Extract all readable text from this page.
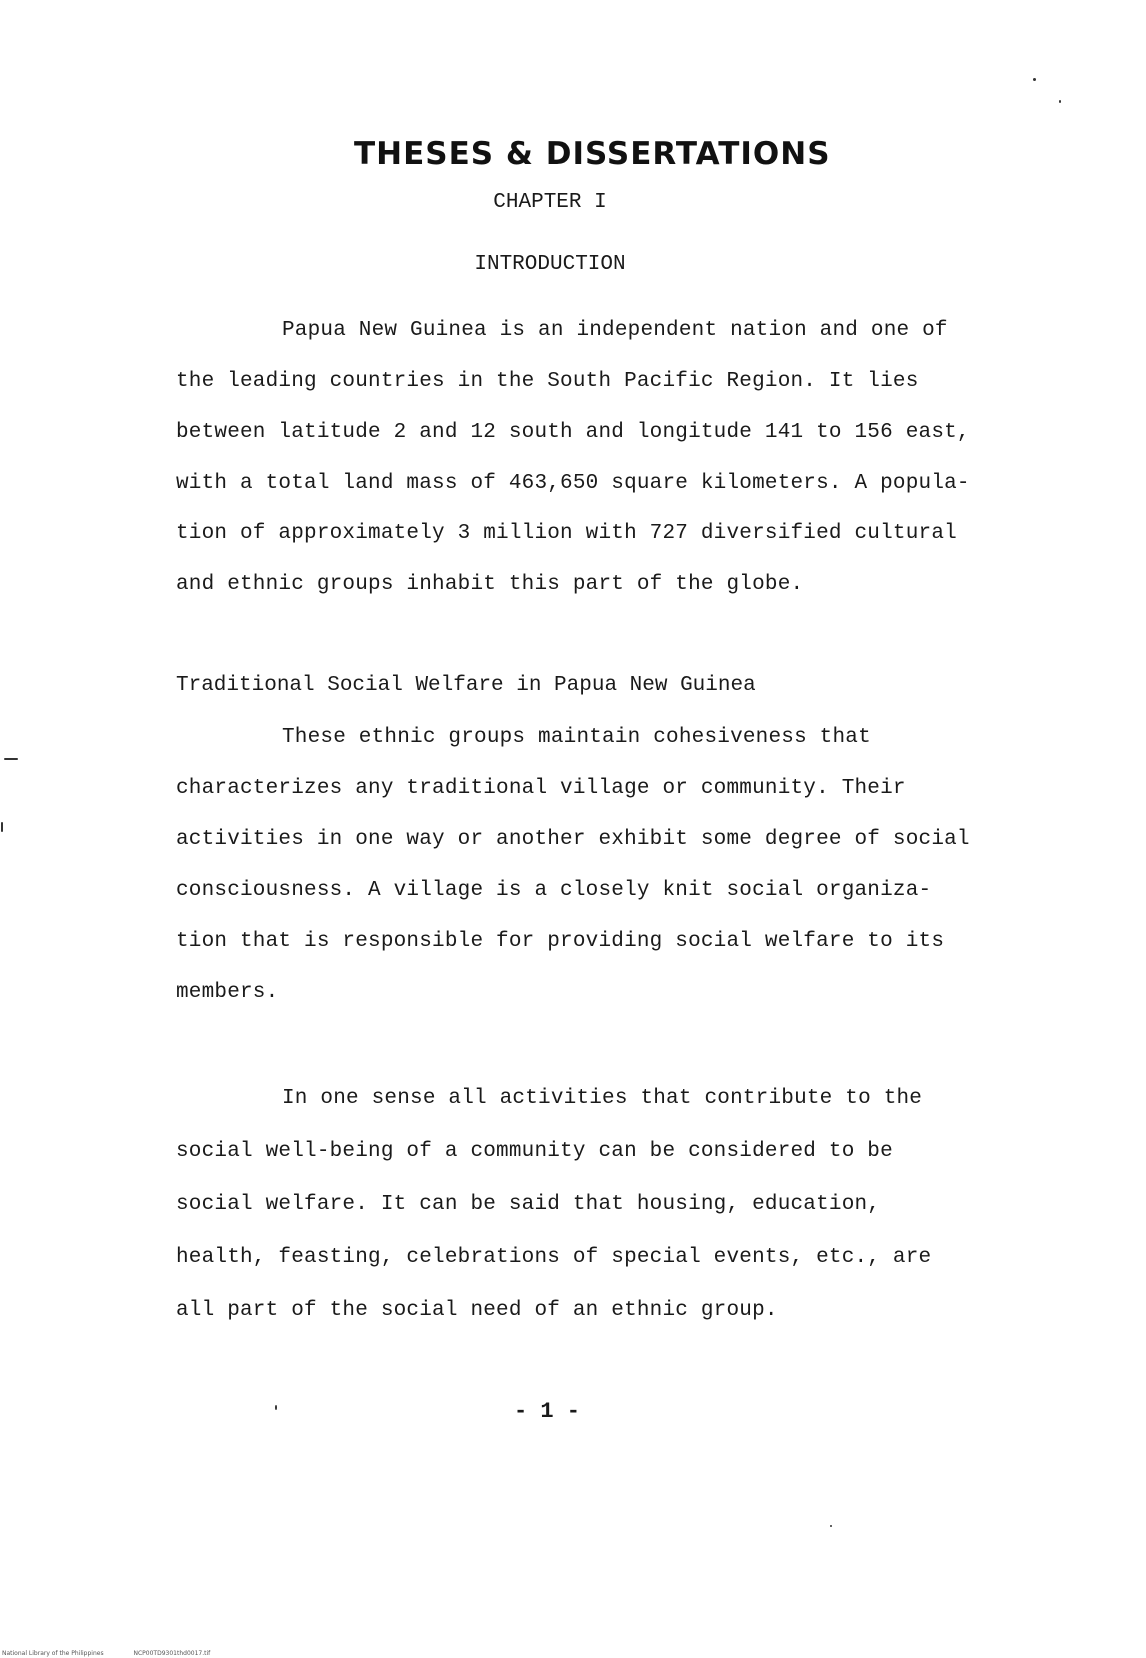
THESES & DISSERTATIONS
CHAPTER I
INTRODUCTION
Papua New Guinea is an independent nation and one of
the leading countries in the South Pacific Region. It lies
between latitude 2 and 12 south and longitude 141 to 156 east,
with a total land mass of 463,650 square kilometers. A popula-
tion of approximately 3 million with 727 diversified cultural
and ethnic groups inhabit this part of the globe.
Traditional Social Welfare in Papua New Guinea
These ethnic groups maintain cohesiveness that
characterizes any traditional village or community. Their
activities in one way or another exhibit some degree of social
consciousness. A village is a closely knit social organiza-
tion that is responsible for providing social welfare to its
members.
In one sense all activities that contribute to the
social well-being of a community can be considered to be
social welfare. It can be said that housing, education,
health, feasting, celebrations of special events, etc., are
all part of the social need of an ethnic group.
- 1 -
National Library of the Philippines	NCP00TD9301thd0017.tif
